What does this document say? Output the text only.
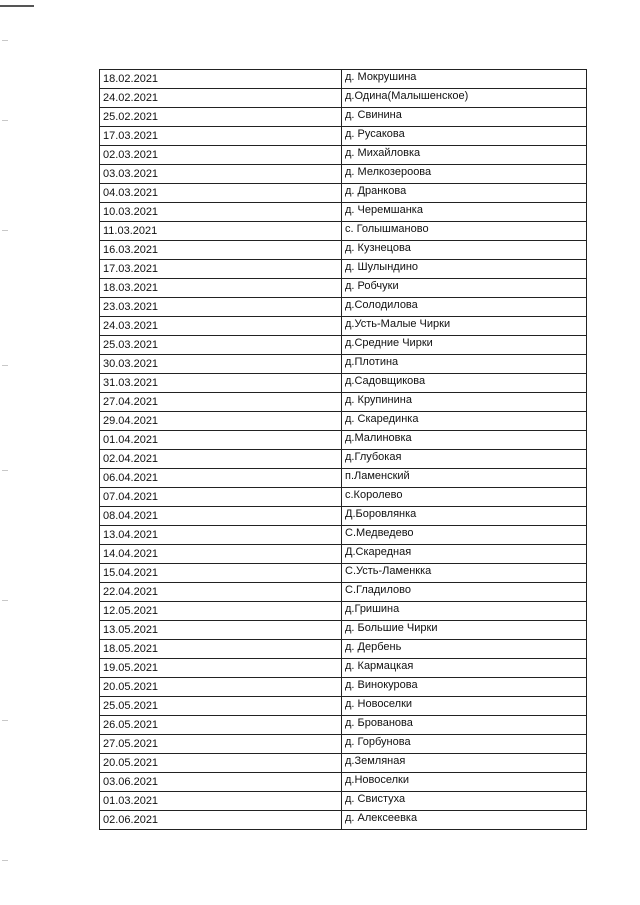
18.02.2021	д. Мокрушина
24.02.2021	д.Одина(Малышенское)
25.02.2021	д. Свинина
17.03.2021	д. Русакова
02.03.2021	д. Михайловка
03.03.2021	д. Мелкозероова
04.03.2021	д. Дранкова
10.03.2021	д. Черемшанка
11.03.2021	с. Голышманово
16.03.2021	д. Кузнецова
17.03.2021	д. Шулындино
18.03.2021	д. Робчуки
23.03.2021	д.Солодилова
24.03.2021	д.Усть-Малые Чирки
25.03.2021	д.Средние Чирки
30.03.2021	д.Плотина
31.03.2021	д.Садовщикова
27.04.2021	д. Крупинина
29.04.2021	д. Скарединка
01.04.2021	д.Малиновка
02.04.2021	д.Глубокая
06.04.2021	п.Ламенский
07.04.2021	с.Королево
08.04.2021	Д.Боровлянка
13.04.2021	С.Медведево
14.04.2021	Д.Скаредная
15.04.2021	С.Усть-Ламенкка
22.04.2021	С.Гладилово
12.05.2021	д.Гришина
13.05.2021	д. Большие Чирки
18.05.2021	д. Дербень
19.05.2021	д. Кармацкая
20.05.2021	д. Винокурова
25.05.2021	д. Новоселки
26.05.2021	д. Брованова
27.05.2021	д. Горбунова
20.05.2021	д.Земляная
03.06.2021	д.Новоселки
01.03.2021	д. Свистуха
02.06.2021	д. Алексеевка
